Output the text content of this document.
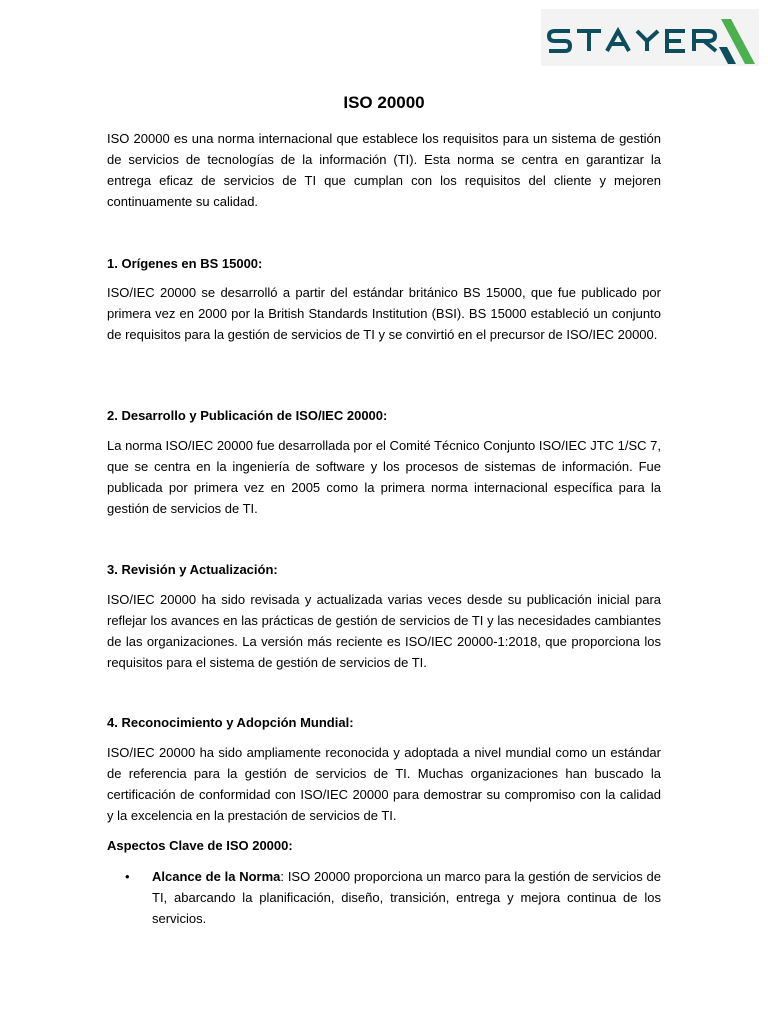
ISO 20000

ISO 20000 es una norma internacional que establece los requisitos para un sistema de gestión de servicios de tecnologías de la información (TI). Esta norma se centra en garantizar la entrega eficaz de servicios de TI que cumplan con los requisitos del cliente y mejoren continuamente su calidad.

1. Orígenes en BS 15000:

ISO/IEC 20000 se desarrolló a partir del estándar británico BS 15000, que fue publicado por primera vez en 2000 por la British Standards Institution (BSI). BS 15000 estableció un conjunto de requisitos para la gestión de servicios de TI y se convirtió en el precursor de ISO/IEC 20000.

2. Desarrollo y Publicación de ISO/IEC 20000:

La norma ISO/IEC 20000 fue desarrollada por el Comité Técnico Conjunto ISO/IEC JTC 1/SC 7, que se centra en la ingeniería de software y los procesos de sistemas de información. Fue publicada por primera vez en 2005 como la primera norma internacional específica para la gestión de servicios de TI.

3. Revisión y Actualización:

ISO/IEC 20000 ha sido revisada y actualizada varias veces desde su publicación inicial para reflejar los avances en las prácticas de gestión de servicios de TI y las necesidades cambiantes de las organizaciones. La versión más reciente es ISO/IEC 20000-1:2018, que proporciona los requisitos para el sistema de gestión de servicios de TI.

4. Reconocimiento y Adopción Mundial:

ISO/IEC 20000 ha sido ampliamente reconocida y adoptada a nivel mundial como un estándar de referencia para la gestión de servicios de TI. Muchas organizaciones han buscado la certificación de conformidad con ISO/IEC 20000 para demostrar su compromiso con la calidad y la excelencia en la prestación de servicios de TI.

Aspectos Clave de ISO 20000:

•	Alcance de la Norma: ISO 20000 proporciona un marco para la gestión de servicios de TI, abarcando la planificación, diseño, transición, entrega y mejora continua de los servicios.
